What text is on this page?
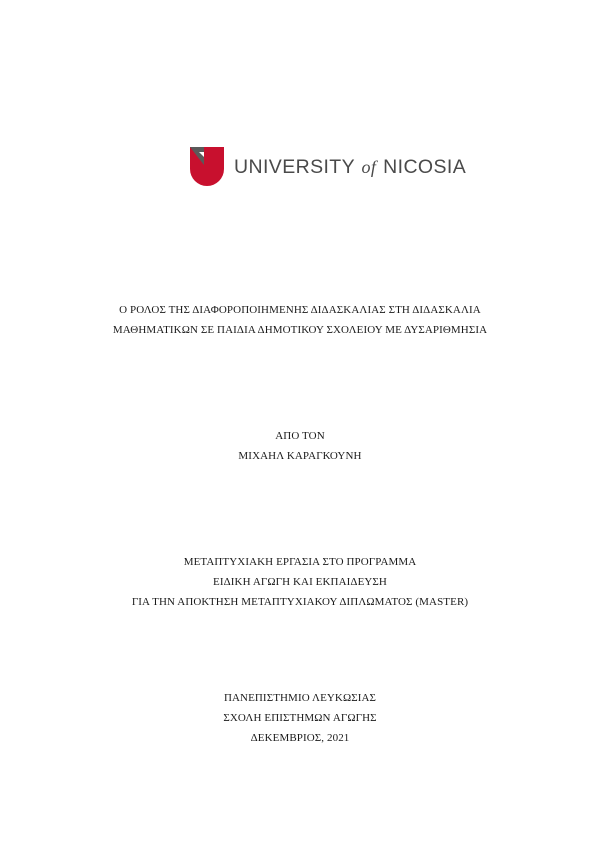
UNIVERSITY of NICOSIA
Ο ΡΟΛΟΣ ΤΗΣ ΔΙΑΦΟΡΟΠΟΙΗΜΕΝΗΣ ΔΙΔΑΣΚΑΛΙΑΣ ΣΤΗ ΔΙΔΑΣΚΑΛΙΑ
ΜΑΘΗΜΑΤΙΚΩΝ ΣΕ ΠΑΙΔΙΑ ΔΗΜΟΤΙΚΟΥ ΣΧΟΛΕΙΟΥ ΜΕ ΔΥΣΑΡΙΘΜΗΣΙΑ
ΑΠΟ ΤΟΝ
ΜΙΧΑΗΛ ΚΑΡΑΓΚΟΥΝΗ
ΜΕΤΑΠΤΥΧΙΑΚΗ ΕΡΓΑΣΙΑ ΣΤΟ ΠΡΟΓΡΑΜΜΑ
ΕΙΔΙΚΗ ΑΓΩΓΗ ΚΑΙ ΕΚΠΑΙΔΕΥΣΗ
ΓΙΑ ΤΗΝ ΑΠΟΚΤΗΣΗ ΜΕΤΑΠΤΥΧΙΑΚΟΥ ΔΙΠΛΩΜΑΤΟΣ (MASTER)
ΠΑΝΕΠΙΣΤΗΜΙΟ ΛΕΥΚΩΣΙΑΣ
ΣΧΟΛΗ ΕΠΙΣΤΗΜΩΝ ΑΓΩΓΗΣ
ΔΕΚΕΜΒΡΙΟΣ, 2021
